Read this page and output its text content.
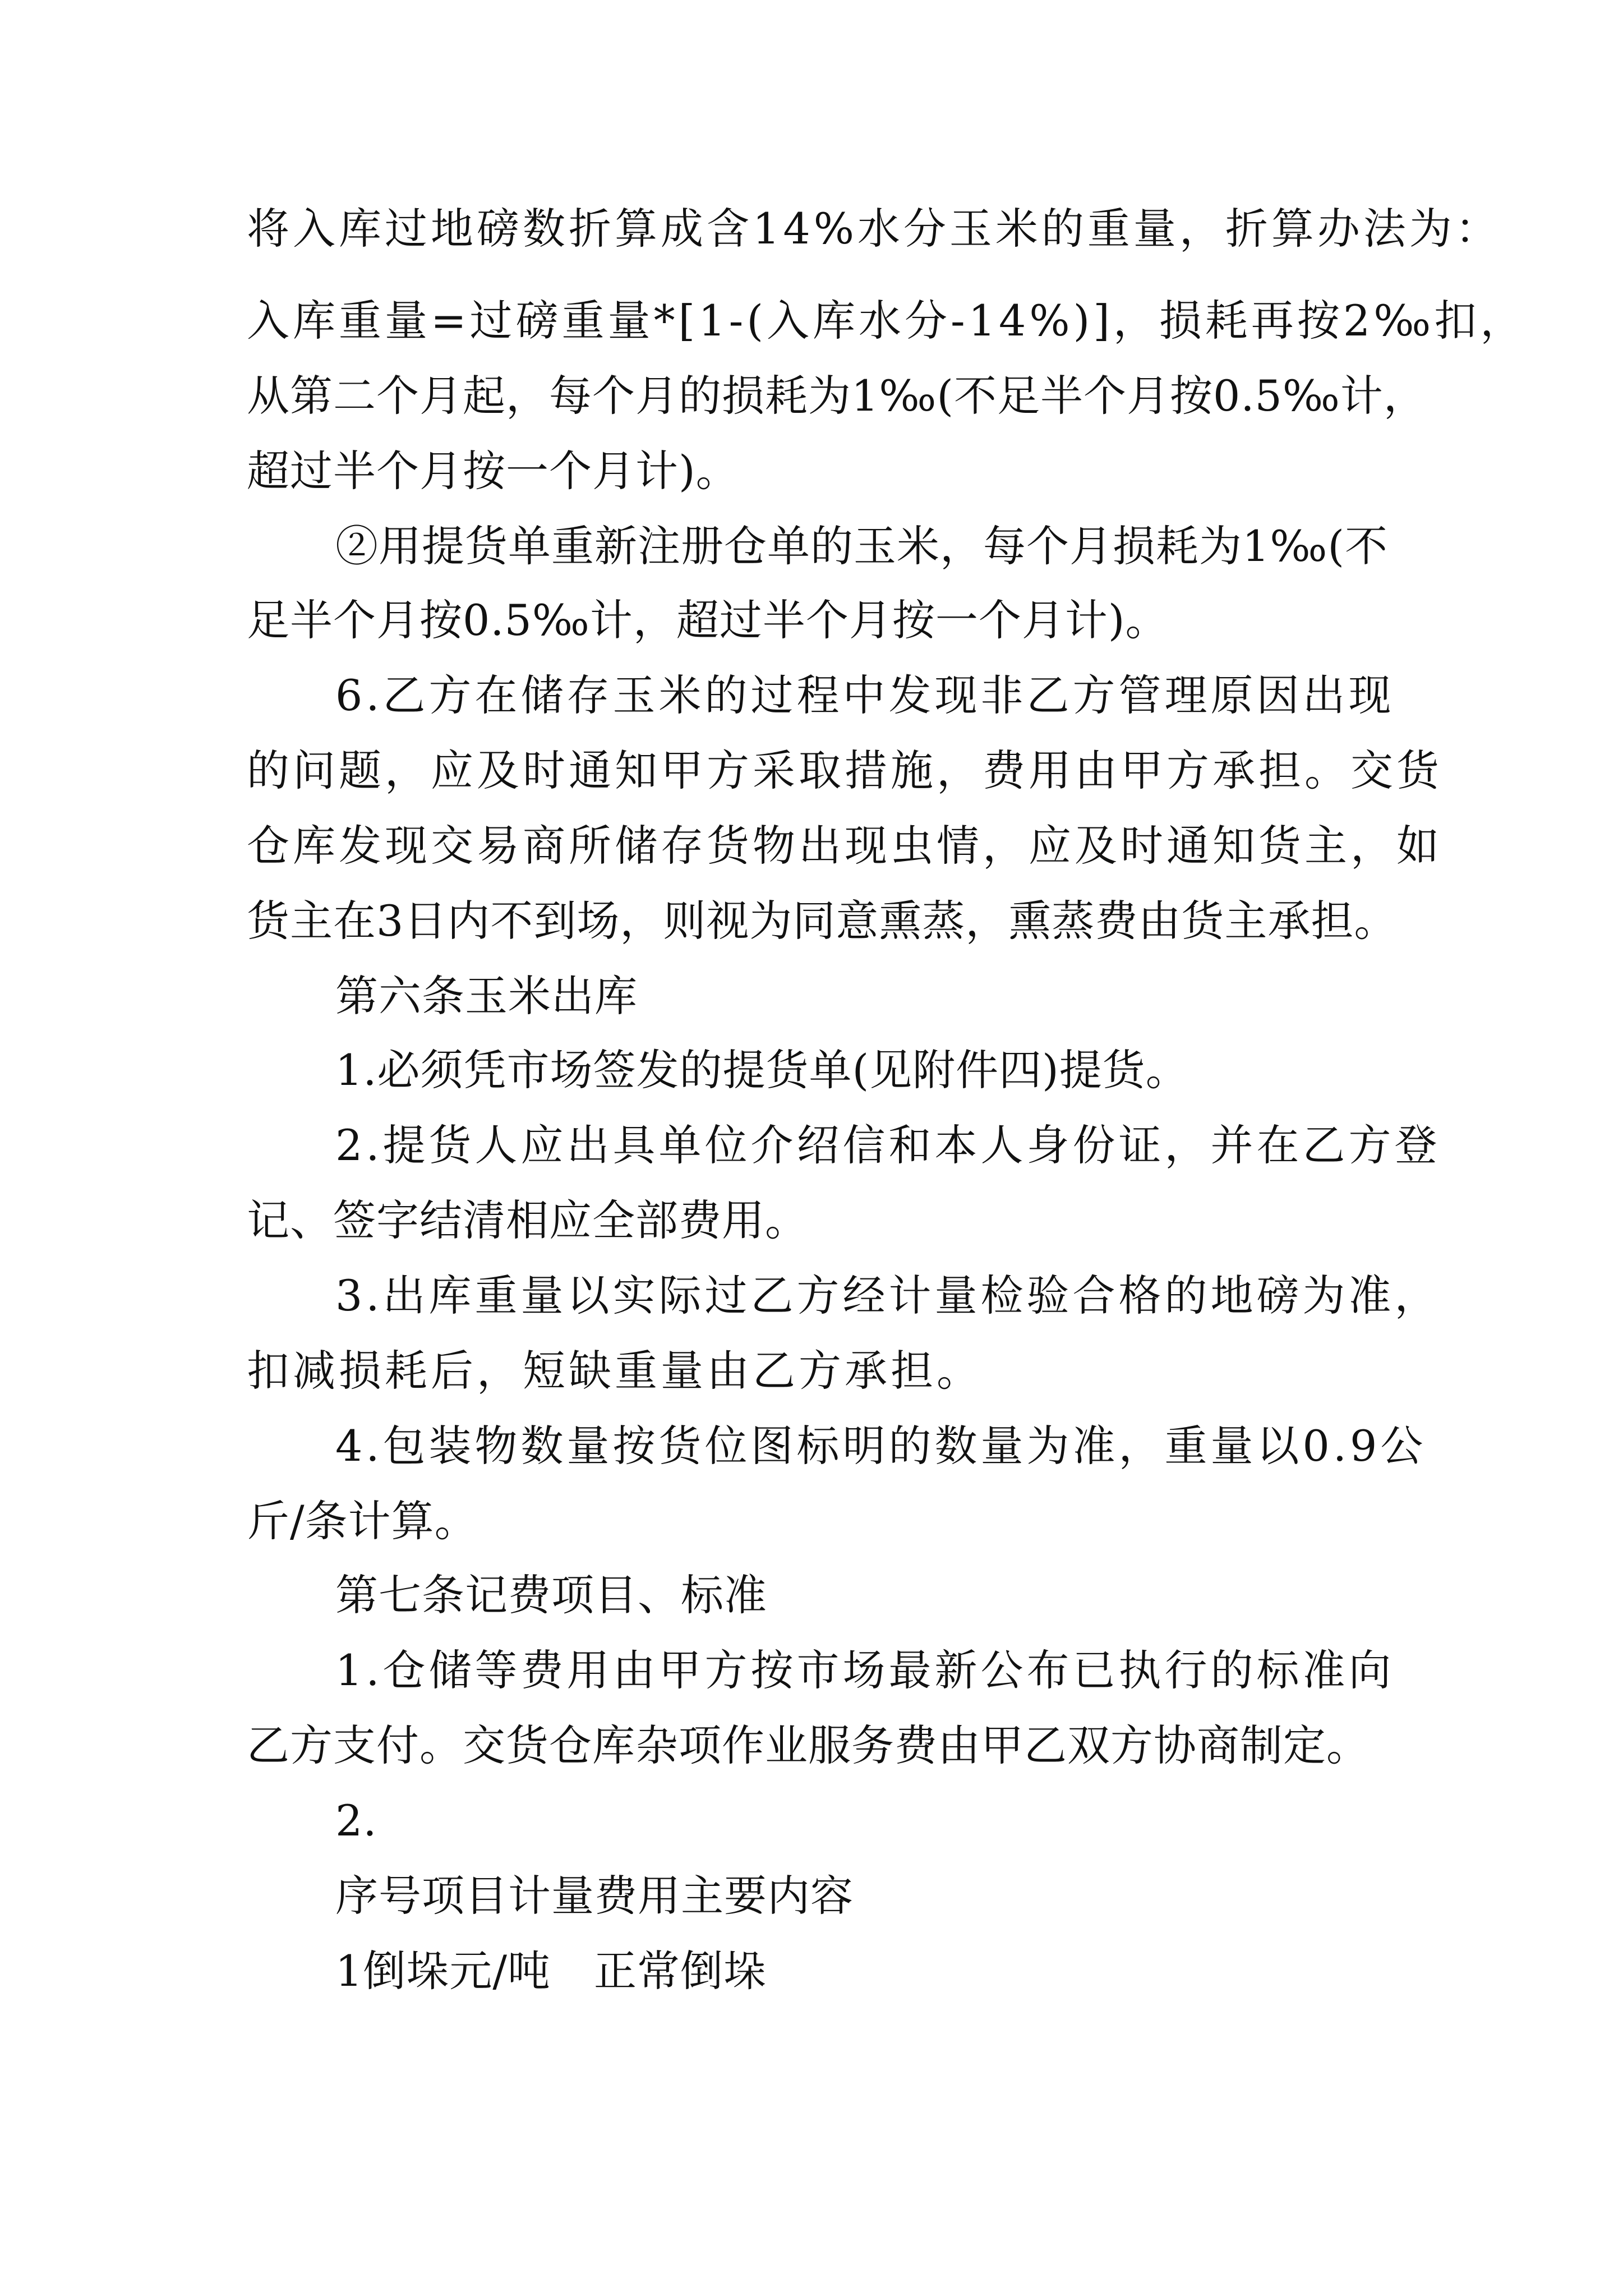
将入库过地磅数折算成含14%水分玉米的重量，折算办法为：
入库重量=过磅重量*[1-(入库水分-14%)]，损耗再按2‰扣，
从第二个月起，每个月的损耗为1‰(不足半个月按0.5‰计，
超过半个月按一个月计)。
②用提货单重新注册仓单的玉米，每个月损耗为1‰(不
足半个月按0.5‰计，超过半个月按一个月计)。
6.乙方在储存玉米的过程中发现非乙方管理原因出现
的问题，应及时通知甲方采取措施，费用由甲方承担。交货
仓库发现交易商所储存货物出现虫情，应及时通知货主，如
货主在3日内不到场，则视为同意熏蒸，熏蒸费由货主承担。
第六条玉米出库
1.必须凭市场签发的提货单(见附件四)提货。
2.提货人应出具单位介绍信和本人身份证，并在乙方登
记、签字结清相应全部费用。
3.出库重量以实际过乙方经计量检验合格的地磅为准，
扣减损耗后，短缺重量由乙方承担。
4.包装物数量按货位图标明的数量为准，重量以0.9公
斤/条计算。
第七条记费项目、标准
1.仓储等费用由甲方按市场最新公布已执行的标准向
乙方支付。交货仓库杂项作业服务费由甲乙双方协商制定。
2.
序号项目计量费用主要内容
1倒垛元/吨　正常倒垛
